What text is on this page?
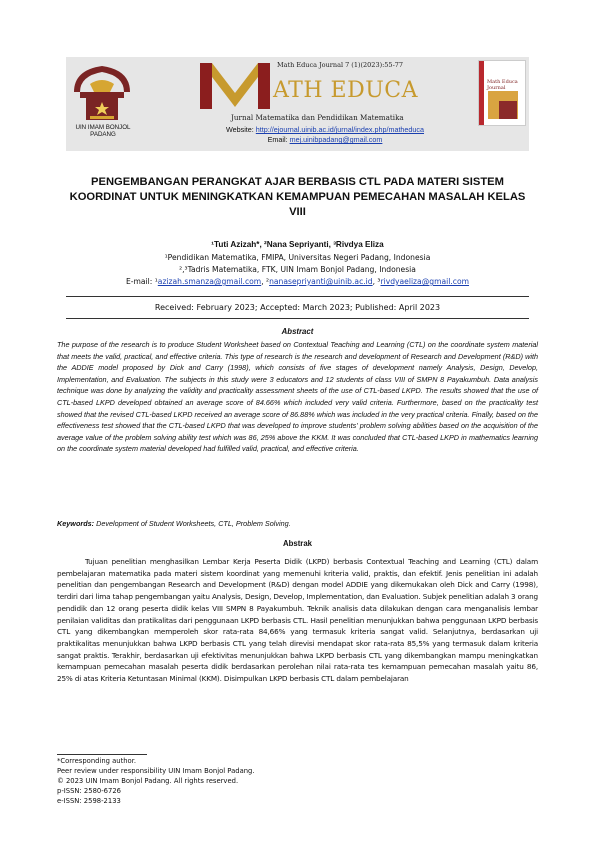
UIN IMAM BONJOL
PADANG
Math Educa Journal 7 (1)(2023):55-77
ATH EDUCA
Jurnal Matematika dan Pendidikan Matematika
Website: http://ejournal.uinib.ac.id/jurnal/index.php/matheduca
Email: mej.uinibpadang@gmail.com
Math Educa Journal
PENGEMBANGAN PERANGKAT AJAR BERBASIS CTL PADA MATERI SISTEM KOORDINAT UNTUK MENINGKATKAN KEMAMPUAN PEMECAHAN MASALAH KELAS VIII
¹Tuti Azizah*, ²Nana Sepriyanti, ³Rivdya Eliza
¹Pendidikan Matematika, FMIPA, Universitas Negeri Padang, Indonesia
²,³Tadris Matematika, FTK, UIN Imam Bonjol Padang, Indonesia
E-mail: ¹azizah.smanza@gmail.com, ²nanasepriyanti@uinib.ac.id, ³rivdyaeliza@gmail.com
Received: February 2023; Accepted: March 2023; Published: April 2023
Abstract
The purpose of the research is to produce Student Worksheet based on Contextual Teaching and Learning (CTL) on the coordinate system material that meets the valid, practical, and effective criteria. This type of research is the research and development of Research and Development (R&D) with the ADDIE model proposed by Dick and Carry (1998), which consists of five stages of development namely Analysis, Design, Develop, Implementation, and Evaluation. The subjects in this study were 3 educators and 12 students of class VIII of SMPN 8 Payakumbuh. Data analysis technique was done by analyzing the validity and practicality assessment sheets of the use of CTL-based LKPD. The results showed that the use of CTL-based LKPD developed obtained an average score of 84.66% which included very valid criteria. Furthermore, based on the practicality test showed that the revised CTL-based LKPD received an average score of 86.88% which was included in the very practical criteria. Finally, based on the effectiveness test showed that the CTL-based LKPD that was developed to improve students' problem solving abilities based on the acquisition of the average value of the problem solving ability test which was 86, 25% above the KKM. It was concluded that CTL-based LKPD in mathematics learning on the coordinate system material developed had fulfilled valid, practical, and effective criteria.
Keywords: Development of Student Worksheets, CTL, Problem Solving.
Abstrak
Tujuan penelitian menghasilkan Lembar Kerja Peserta Didik (LKPD) berbasis Contextual Teaching and Learning (CTL) dalam pembelajaran matematika pada materi sistem koordinat yang memenuhi kriteria valid, praktis, dan efektif. Jenis penelitian ini adalah penelitian dan pengembangan Research and Development (R&D) dengan model ADDIE yang dikemukakan oleh Dick and Carry (1998), terdiri dari lima tahap pengembangan yaitu Analysis, Design, Develop, Implementation, dan Evaluation. Subjek penelitian adalah 3 orang pendidik dan 12 orang peserta didik kelas VIII SMPN 8 Payakumbuh. Teknik analisis data dilakukan dengan cara menganalisis lembar penilaian validitas dan pratikalitas dari penggunaan LKPD berbasis CTL. Hasil penelitian menunjukkan bahwa penggunaan LKPD berbasis CTL yang dikembangkan memperoleh skor rata-rata 84,66% yang termasuk kriteria sangat valid. Selanjutnya, berdasarkan uji praktikalitas menunjukkan bahwa LKPD berbasis CTL yang telah direvisi mendapat skor rata-rata 85,5% yang termasuk dalam kriteria sangat praktis. Terakhir, berdasarkan uji efektivitas menunjukkan bahwa LKPD berbasis CTL yang dikembangkan mampu meningkatkan kemampuan pemecahan masalah peserta didik berdasarkan perolehan nilai rata-rata tes kemampuan pemecahan masalah yaitu 86, 25% di atas Kriteria Ketuntasan Minimal (KKM). Disimpulkan LKPD berbasis CTL dalam pembelajaran
*Corresponding author.
Peer review under responsibility UIN Imam Bonjol Padang.
© 2023 UIN Imam Bonjol Padang. All rights reserved.
p-ISSN: 2580-6726
e-ISSN: 2598-2133
